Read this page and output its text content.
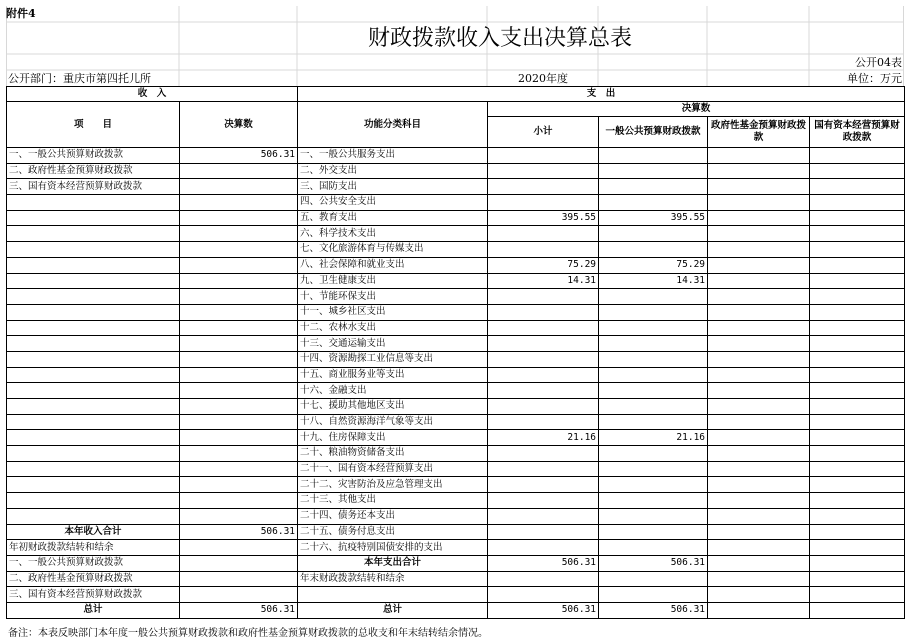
附件4
财政拨款收入支出决算总表
公开04表
公开部门：重庆市第四托儿所	2020年度	单位：万元
收　入		支　出				
项　　目	决算数	功能分类科目	决算数			
			小计	一般公共预算财政拨款	政府性基金预算财政拨款	国有资本经营预算财政拨款
一、一般公共预算财政拨款	506.31	一、一般公共服务支出				
二、政府性基金预算财政拨款		二、外交支出				
三、国有资本经营预算财政拨款		三、国防支出				
		四、公共安全支出				
		五、教育支出	395.55	395.55		
		六、科学技术支出				
		七、文化旅游体育与传媒支出				
		八、社会保障和就业支出	75.29	75.29		
		九、卫生健康支出	14.31	14.31		
		十、节能环保支出				
		十一、城乡社区支出				
		十二、农林水支出				
		十三、交通运输支出				
		十四、资源勘探工业信息等支出				
		十五、商业服务业等支出				
		十六、金融支出				
		十七、援助其他地区支出				
		十八、自然资源海洋气象等支出				
		十九、住房保障支出	21.16	21.16		
		二十、粮油物资储备支出				
		二十一、国有资本经营预算支出				
		二十二、灾害防治及应急管理支出				
		二十三、其他支出				
		二十四、债务还本支出				
本年收入合计	506.31	二十五、债务付息支出				
年初财政拨款结转和结余		二十六、抗疫特别国债安排的支出				
一、一般公共预算财政拨款		本年支出合计	506.31	506.31		
二、政府性基金预算财政拨款		年末财政拨款结转和结余				
三、国有资本经营预算财政拨款						
总计	506.31	总计	506.31	506.31		
备注：本表反映部门本年度一般公共预算财政拨款和政府性基金预算财政拨款的总收支和年末结转结余情况。
